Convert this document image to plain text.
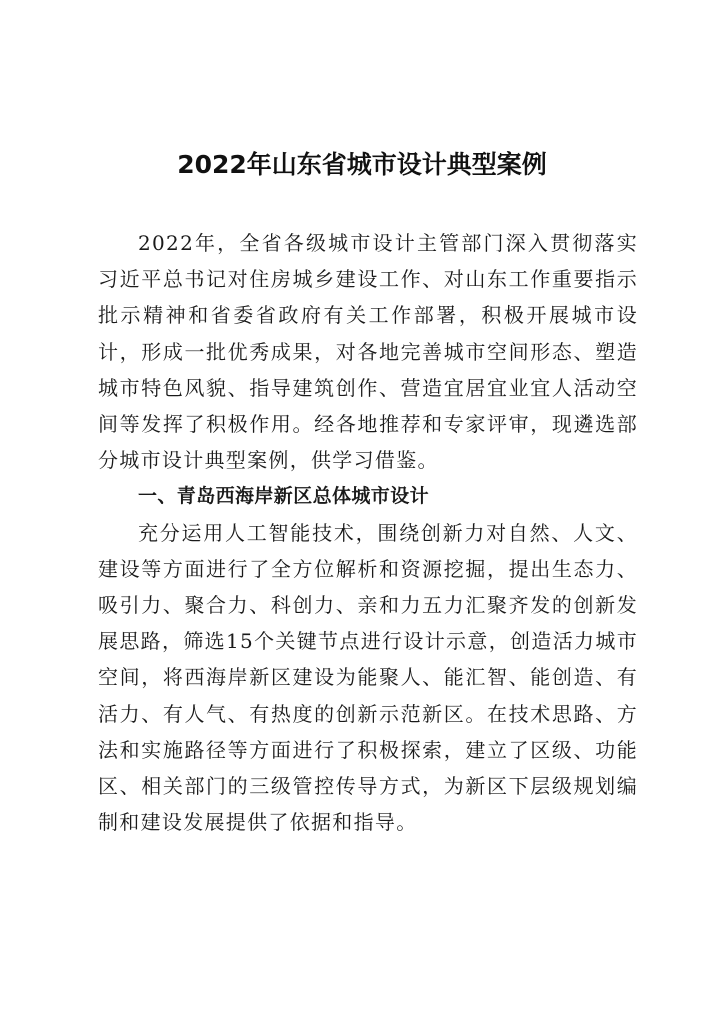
2022年山东省城市设计典型案例

2022年，全省各级城市设计主管部门深入贯彻落实习近平总书记对住房城乡建设工作、对山东工作重要指示批示精神和省委省政府有关工作部署，积极开展城市设计，形成一批优秀成果，对各地完善城市空间形态、塑造城市特色风貌、指导建筑创作、营造宜居宜业宜人活动空间等发挥了积极作用。经各地推荐和专家评审，现遴选部分城市设计典型案例，供学习借鉴。

一、青岛西海岸新区总体城市设计

充分运用人工智能技术，围绕创新力对自然、人文、建设等方面进行了全方位解析和资源挖掘，提出生态力、吸引力、聚合力、科创力、亲和力五力汇聚齐发的创新发展思路，筛选15个关键节点进行设计示意，创造活力城市空间，将西海岸新区建设为能聚人、能汇智、能创造、有活力、有人气、有热度的创新示范新区。在技术思路、方法和实施路径等方面进行了积极探索，建立了区级、功能区、相关部门的三级管控传导方式，为新区下层级规划编制和建设发展提供了依据和指导。
